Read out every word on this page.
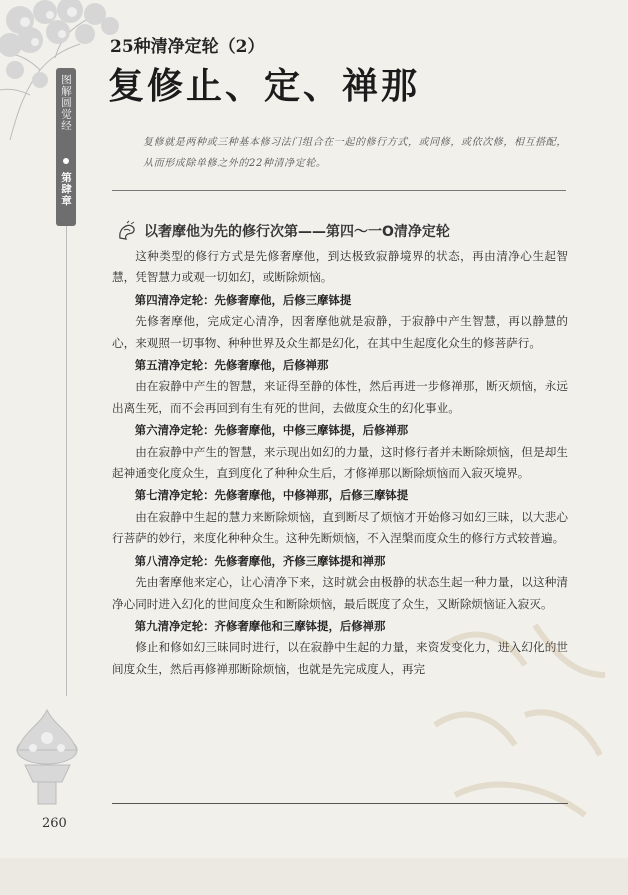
图解圆觉经
第肆章
25种清净定轮（2）
复修止、定、禅那
复修就是两种或三种基本修习法门组合在一起的修行方式，或同修，或依次修，相互搭配，从而形成除单修之外的22种清净定轮。
以奢摩他为先的修行次第——第四～一O清净定轮

这种类型的修行方式是先修奢摩他，到达极致寂静境界的状态，再由清净心生起智慧，凭智慧力或观一切如幻，或断除烦恼。

第四清净定轮：先修奢摩他，后修三摩钵提

先修奢摩他，完成定心清净，因奢摩他就是寂静，于寂静中产生智慧，再以静慧的心，来观照一切事物、种种世界及众生都是幻化，在其中生起度化众生的修菩萨行。

第五清净定轮：先修奢摩他，后修禅那

由在寂静中产生的智慧，来证得至静的体性，然后再进一步修禅那，断灭烦恼，永远出离生死，而不会再回到有生有死的世间，去做度众生的幻化事业。

第六清净定轮：先修奢摩他，中修三摩钵提，后修禅那

由在寂静中产生的智慧，来示现出如幻的力量，这时修行者并未断除烦恼，但是却生起神通变化度众生，直到度化了种种众生后，才修禅那以断除烦恼而入寂灭境界。

第七清净定轮：先修奢摩他，中修禅那，后修三摩钵提

由在寂静中生起的慧力来断除烦恼，直到断尽了烦恼才开始修习如幻三昧，以大悲心行菩萨的妙行，来度化种种众生。这种先断烦恼，不入涅槃而度众生的修行方式较普遍。

第八清净定轮：先修奢摩他，齐修三摩钵提和禅那

先由奢摩他来定心，让心清净下来，这时就会由极静的状态生起一种力量，以这种清净心同时进入幻化的世间度众生和断除烦恼，最后既度了众生，又断除烦恼证入寂灭。

第九清净定轮：齐修奢摩他和三摩钵提，后修禅那

修止和修如幻三昧同时进行，以在寂静中生起的力量，来资发变化力，进入幻化的世间度众生，然后再修禅那断除烦恼，也就是先完成度人，再完

260
